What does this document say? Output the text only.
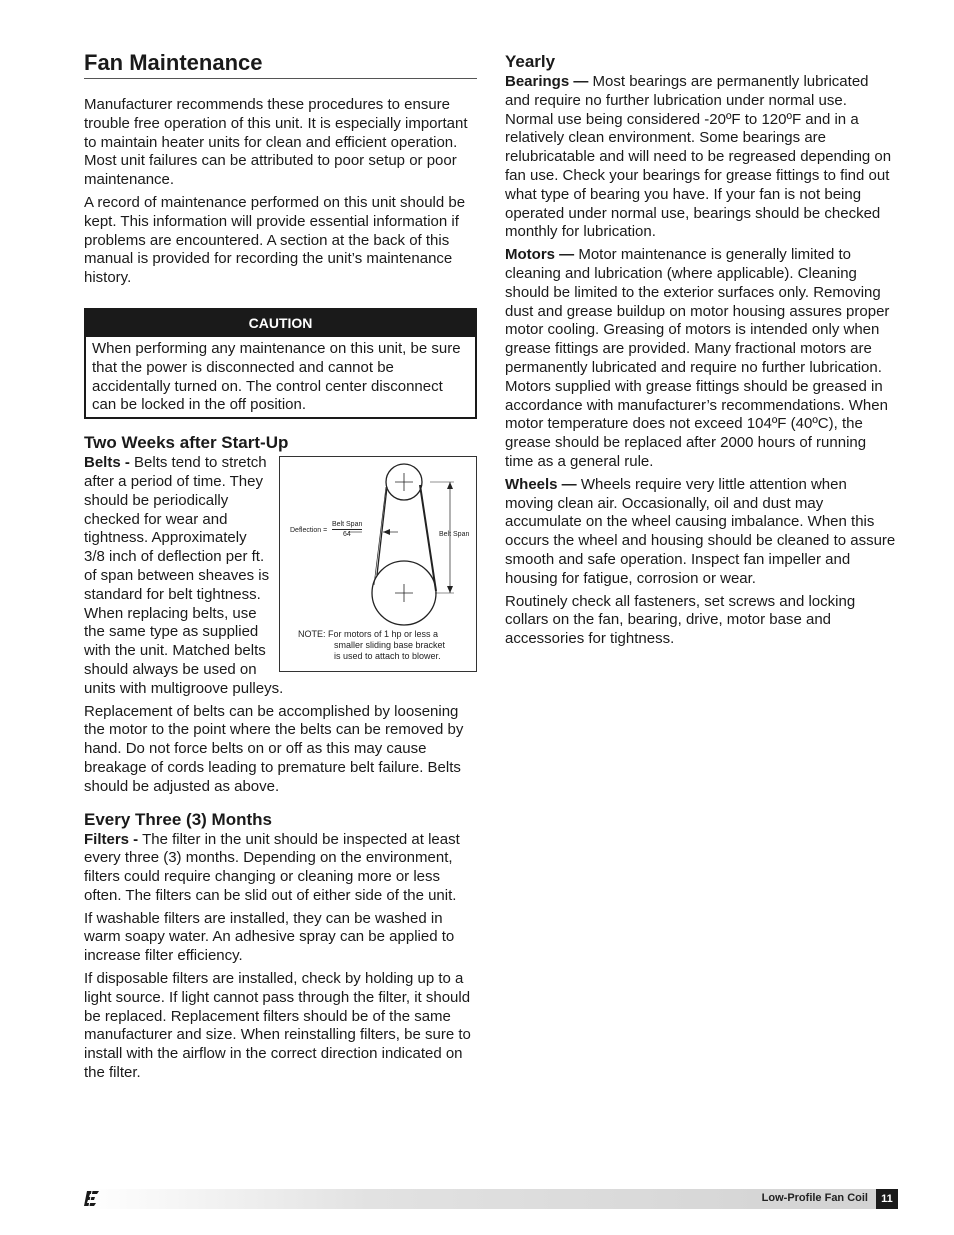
Fan Maintenance

Manufacturer recommends these procedures to ensure trouble free operation of this unit. It is especially important to maintain heater units for clean and efficient operation. Most unit failures can be attributed to poor setup or poor maintenance.

A record of maintenance performed on this unit should be kept. This information will provide essential information if problems are encountered. A section at the back of this manual is provided for recording the unit’s maintenance history.

CAUTION

When performing any maintenance on this unit, be sure that the power is disconnected and cannot be accidentally turned on. The control center disconnect can be locked in the off position.

Two Weeks after Start-Up

Deflection =
Belt Span
64	Belt Span
NOTE: For motors of 1 hp or less a
smaller sliding base bracket
is used to attach to blower.
Belts - Belts tend to stretch after a period of time. They should be periodically checked for wear and tightness. Approximately 3/8 inch of deflection per ft. of span between sheaves is standard for belt tightness. When replacing belts, use the same type as supplied with the unit. Matched belts should always be used on units with multigroove pulleys.

Replacement of belts can be accomplished by loosening the motor to the point where the belts can be removed by hand. Do not force belts on or off as this may cause breakage of cords leading to premature belt failure. Belts should be adjusted as above.

Every Three (3) Months

Filters - The filter in the unit should be inspected at least every three (3) months. Depending on the environment, filters could require changing or cleaning more or less often. The filters can be slid out of either side of the unit.

If washable filters are installed, they can be washed in warm soapy water. An adhesive spray can be applied to increase filter efficiency.

If disposable filters are installed, check by holding up to a light source. If light cannot pass through the filter, it should be replaced. Replacement filters should be of the same manufacturer and size. When reinstalling filters, be sure to install with the airflow in the correct direction indicated on the filter.

Yearly

Bearings — Most bearings are permanently lubricated and require no further lubrication under normal use. Normal use being considered -20ºF to 120ºF and in a relatively clean environment. Some bearings are relubricatable and will need to be regreased depending on fan use. Check your bearings for grease fittings to find out what type of bearing you have. If your fan is not being operated under normal use, bearings should be checked monthly for lubrication.

Motors — Motor maintenance is generally limited to cleaning and lubrication (where applicable). Cleaning should be limited to the exterior surfaces only. Removing dust and grease buildup on motor housing assures proper motor cooling. Greasing of motors is intended only when grease fittings are provided. Many fractional motors are permanently lubricated and require no further lubrication. Motors supplied with grease fittings should be greased in accordance with manufacturer’s recommendations. When motor temperature does not exceed 104ºF (40ºC), the grease should be replaced after 2000 hours of running time as a general rule.

Wheels — Wheels require very little attention when moving clean air. Occasionally, oil and dust may accumulate on the wheel causing imbalance. When this occurs the wheel and housing should be cleaned to assure smooth and safe operation. Inspect fan impeller and housing for fatigue, corrosion or wear.

Routinely check all fasteners, set screws and locking collars on the fan, bearing, drive, motor base and accessories for tightness.

Low-Profile Fan Coil	11
